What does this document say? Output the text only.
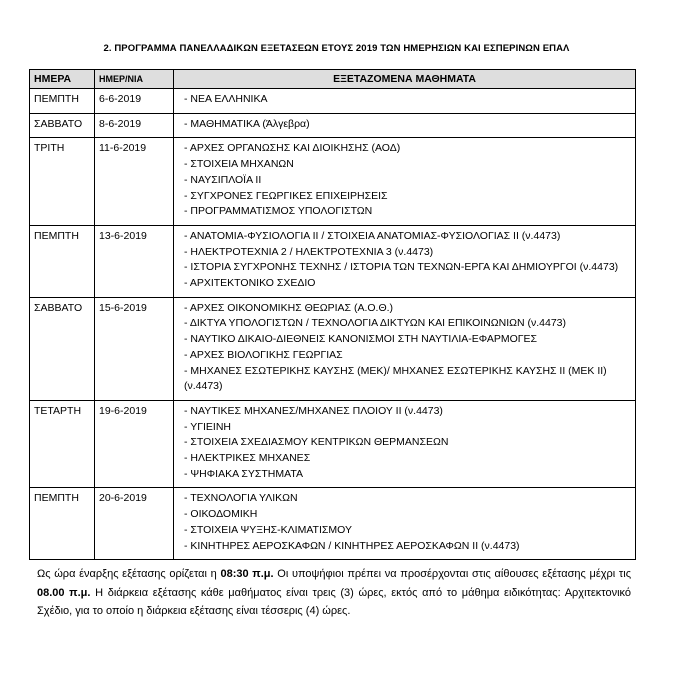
2. ΠΡΟΓΡΑΜΜΑ ΠΑΝΕΛΛΑΔΙΚΩΝ ΕΞΕΤΑΣΕΩΝ ΕΤΟΥΣ 2019 ΤΩΝ ΗΜΕΡΗΣΙΩΝ ΚΑΙ ΕΣΠΕΡΙΝΩΝ ΕΠΑΛ
ΗΜΕΡΑ	ΗΜΕΡ/ΝΙΑ	ΕΞΕΤΑΖΟΜΕΝΑ ΜΑΘΗΜΑΤΑ
ΠΕΜΠΤΗ	6-6-2019	- ΝΕΑ ΕΛΛΗΝΙΚΑ

ΣΑΒΒΑΤΟ	8-6-2019	- ΜΑΘΗΜΑΤΙΚΑ (Άλγεβρα)

ΤΡΙΤΗ	11-6-2019	- ΑΡΧΕΣ ΟΡΓΑΝΩΣΗΣ ΚΑΙ ΔΙΟΙΚΗΣΗΣ (ΑΟΔ)
- ΣΤΟΙΧΕΙΑ ΜΗΧΑΝΩΝ
- ΝΑΥΣΙΠΛΟΪΑ ΙΙ
- ΣΥΓΧΡΟΝΕΣ ΓΕΩΡΓΙΚΕΣ ΕΠΙΧΕΙΡΗΣΕΙΣ
- ΠΡΟΓΡΑΜΜΑΤΙΣΜΟΣ ΥΠΟΛΟΓΙΣΤΩΝ

ΠΕΜΠΤΗ	13-6-2019	- ΑΝΑΤΟΜΙΑ-ΦΥΣΙΟΛΟΓΙΑ ΙΙ / ΣΤΟΙΧΕΙΑ ΑΝΑΤΟΜΙΑΣ-ΦΥΣΙΟΛΟΓΙΑΣ ΙΙ (ν.4473)
- ΗΛΕΚΤΡΟΤΕΧΝΙΑ 2 / ΗΛΕΚΤΡΟΤΕΧΝΙΑ 3 (ν.4473)
- ΙΣΤΟΡΙΑ ΣΥΓΧΡΟΝΗΣ ΤΕΧΝΗΣ / ΙΣΤΟΡΙΑ ΤΩΝ ΤΕΧΝΩΝ-ΕΡΓΑ ΚΑΙ ΔΗΜΙΟΥΡΓΟΙ (ν.4473)
- ΑΡΧΙΤΕΚΤΟΝΙΚΟ ΣΧΕΔΙΟ

ΣΑΒΒΑΤΟ	15-6-2019	- ΑΡΧΕΣ ΟΙΚΟΝΟΜΙΚΗΣ ΘΕΩΡΙΑΣ (Α.Ο.Θ.)
- ΔΙΚΤΥΑ ΥΠΟΛΟΓΙΣΤΩΝ / ΤΕΧΝΟΛΟΓΙΑ ΔΙΚΤΥΩΝ ΚΑΙ ΕΠΙΚΟΙΝΩΝΙΩΝ (ν.4473)
- ΝΑΥΤΙΚΟ ΔΙΚΑΙΟ-ΔΙΕΘΝΕΙΣ ΚΑΝΟΝΙΣΜΟΙ ΣΤΗ ΝΑΥΤΙΛΙΑ-ΕΦΑΡΜΟΓΕΣ
- ΑΡΧΕΣ ΒΙΟΛΟΓΙΚΗΣ ΓΕΩΡΓΙΑΣ
- ΜΗΧΑΝΕΣ ΕΣΩΤΕΡΙΚΗΣ ΚΑΥΣΗΣ (ΜΕΚ)/ ΜΗΧΑΝΕΣ ΕΣΩΤΕΡΙΚΗΣ ΚΑΥΣΗΣ ΙΙ (ΜΕΚ ΙΙ) (ν.4473)

ΤΕΤΑΡΤΗ	19-6-2019	- ΝΑΥΤΙΚΕΣ ΜΗΧΑΝΕΣ/ΜΗΧΑΝΕΣ ΠΛΟΙΟΥ ΙΙ (ν.4473)
- ΥΓΙΕΙΝΗ
- ΣΤΟΙΧΕΙΑ ΣΧΕΔΙΑΣΜΟΥ ΚΕΝΤΡΙΚΩΝ ΘΕΡΜΑΝΣΕΩΝ
- ΗΛΕΚΤΡΙΚΕΣ ΜΗΧΑΝΕΣ
- ΨΗΦΙΑΚΑ ΣΥΣΤΗΜΑΤΑ

ΠΕΜΠΤΗ	20-6-2019	- ΤΕΧΝΟΛΟΓΙΑ ΥΛΙΚΩΝ
- ΟΙΚΟΔΟΜΙΚΗ
- ΣΤΟΙΧΕΙΑ ΨΥΞΗΣ-ΚΛΙΜΑΤΙΣΜΟΥ
- ΚΙΝΗΤΗΡΕΣ ΑΕΡΟΣΚΑΦΩΝ / ΚΙΝΗΤΗΡΕΣ ΑΕΡΟΣΚΑΦΩΝ ΙΙ (ν.4473)
Ως ώρα έναρξης εξέτασης ορίζεται η 08:30 π.μ. Οι υποψήφιοι πρέπει να προσέρχονται στις αίθουσες εξέτασης μέχρι τις 08.00 π.μ. Η διάρκεια εξέτασης κάθε μαθήματος είναι τρεις (3) ώρες, εκτός από το μάθημα ειδικότητας: Αρχιτεκτονικό Σχέδιο, για το οποίο η διάρκεια εξέτασης είναι τέσσερις (4) ώρες.
